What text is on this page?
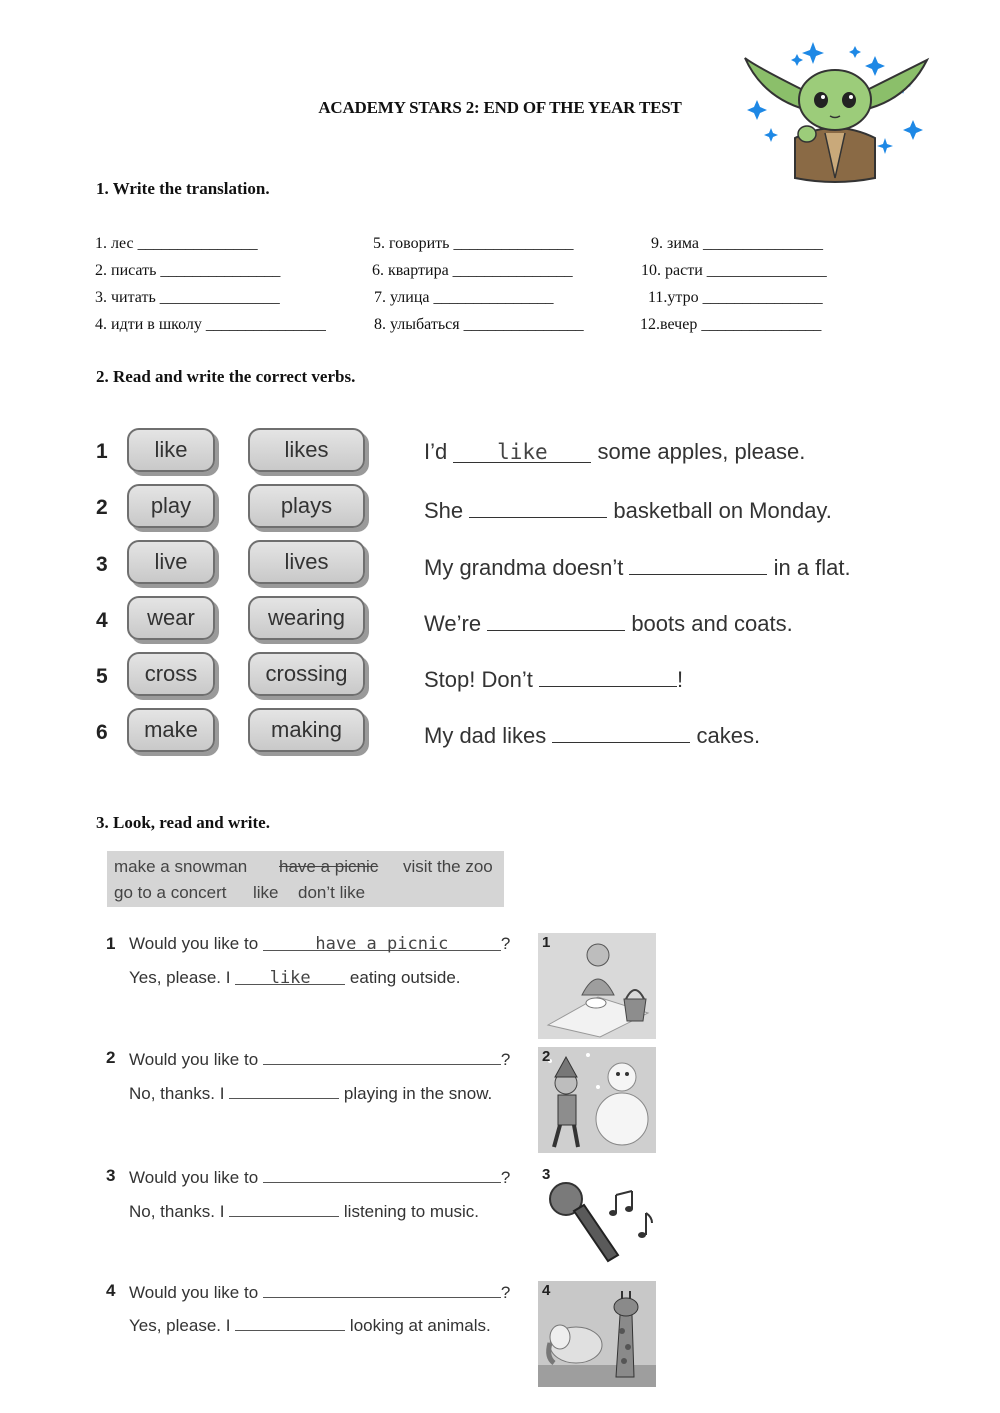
ACADEMY STARS 2: END OF THE YEAR TEST
1. Write the translation.
1. лес _______________
2. писать _______________
3. читать _______________
4. идти в школу _______________
5. говорить _______________
6. квартира _______________
7. улица _______________
8. улыбаться _______________
9. зима _______________
10. расти _______________
11.утро _______________
12.вечер _______________
2. Read and write the correct verbs.
1	like	likes	I’d like some apples, please.
2	play	plays	She	basketball on Monday.
3	live	lives	My grandma doesn’t	in a flat.
4	wear	wearing	We’re	boots and coats.
5	cross	crossing	Stop! Don’t	!
6	make	making	My dad likes	cakes.
3. Look, read and write.
make a snowman have a picnic visit the zoo
go to a concert like don’t like
1 Would you like to	have a picnic	?
Yes, please. I like eating outside.
1
2 Would you like to	?
No, thanks. I	playing in the snow.
2
3 Would you like to	?
No, thanks. I	listening to music.
3
4 Would you like to	?
Yes, please. I	looking at animals.
4
